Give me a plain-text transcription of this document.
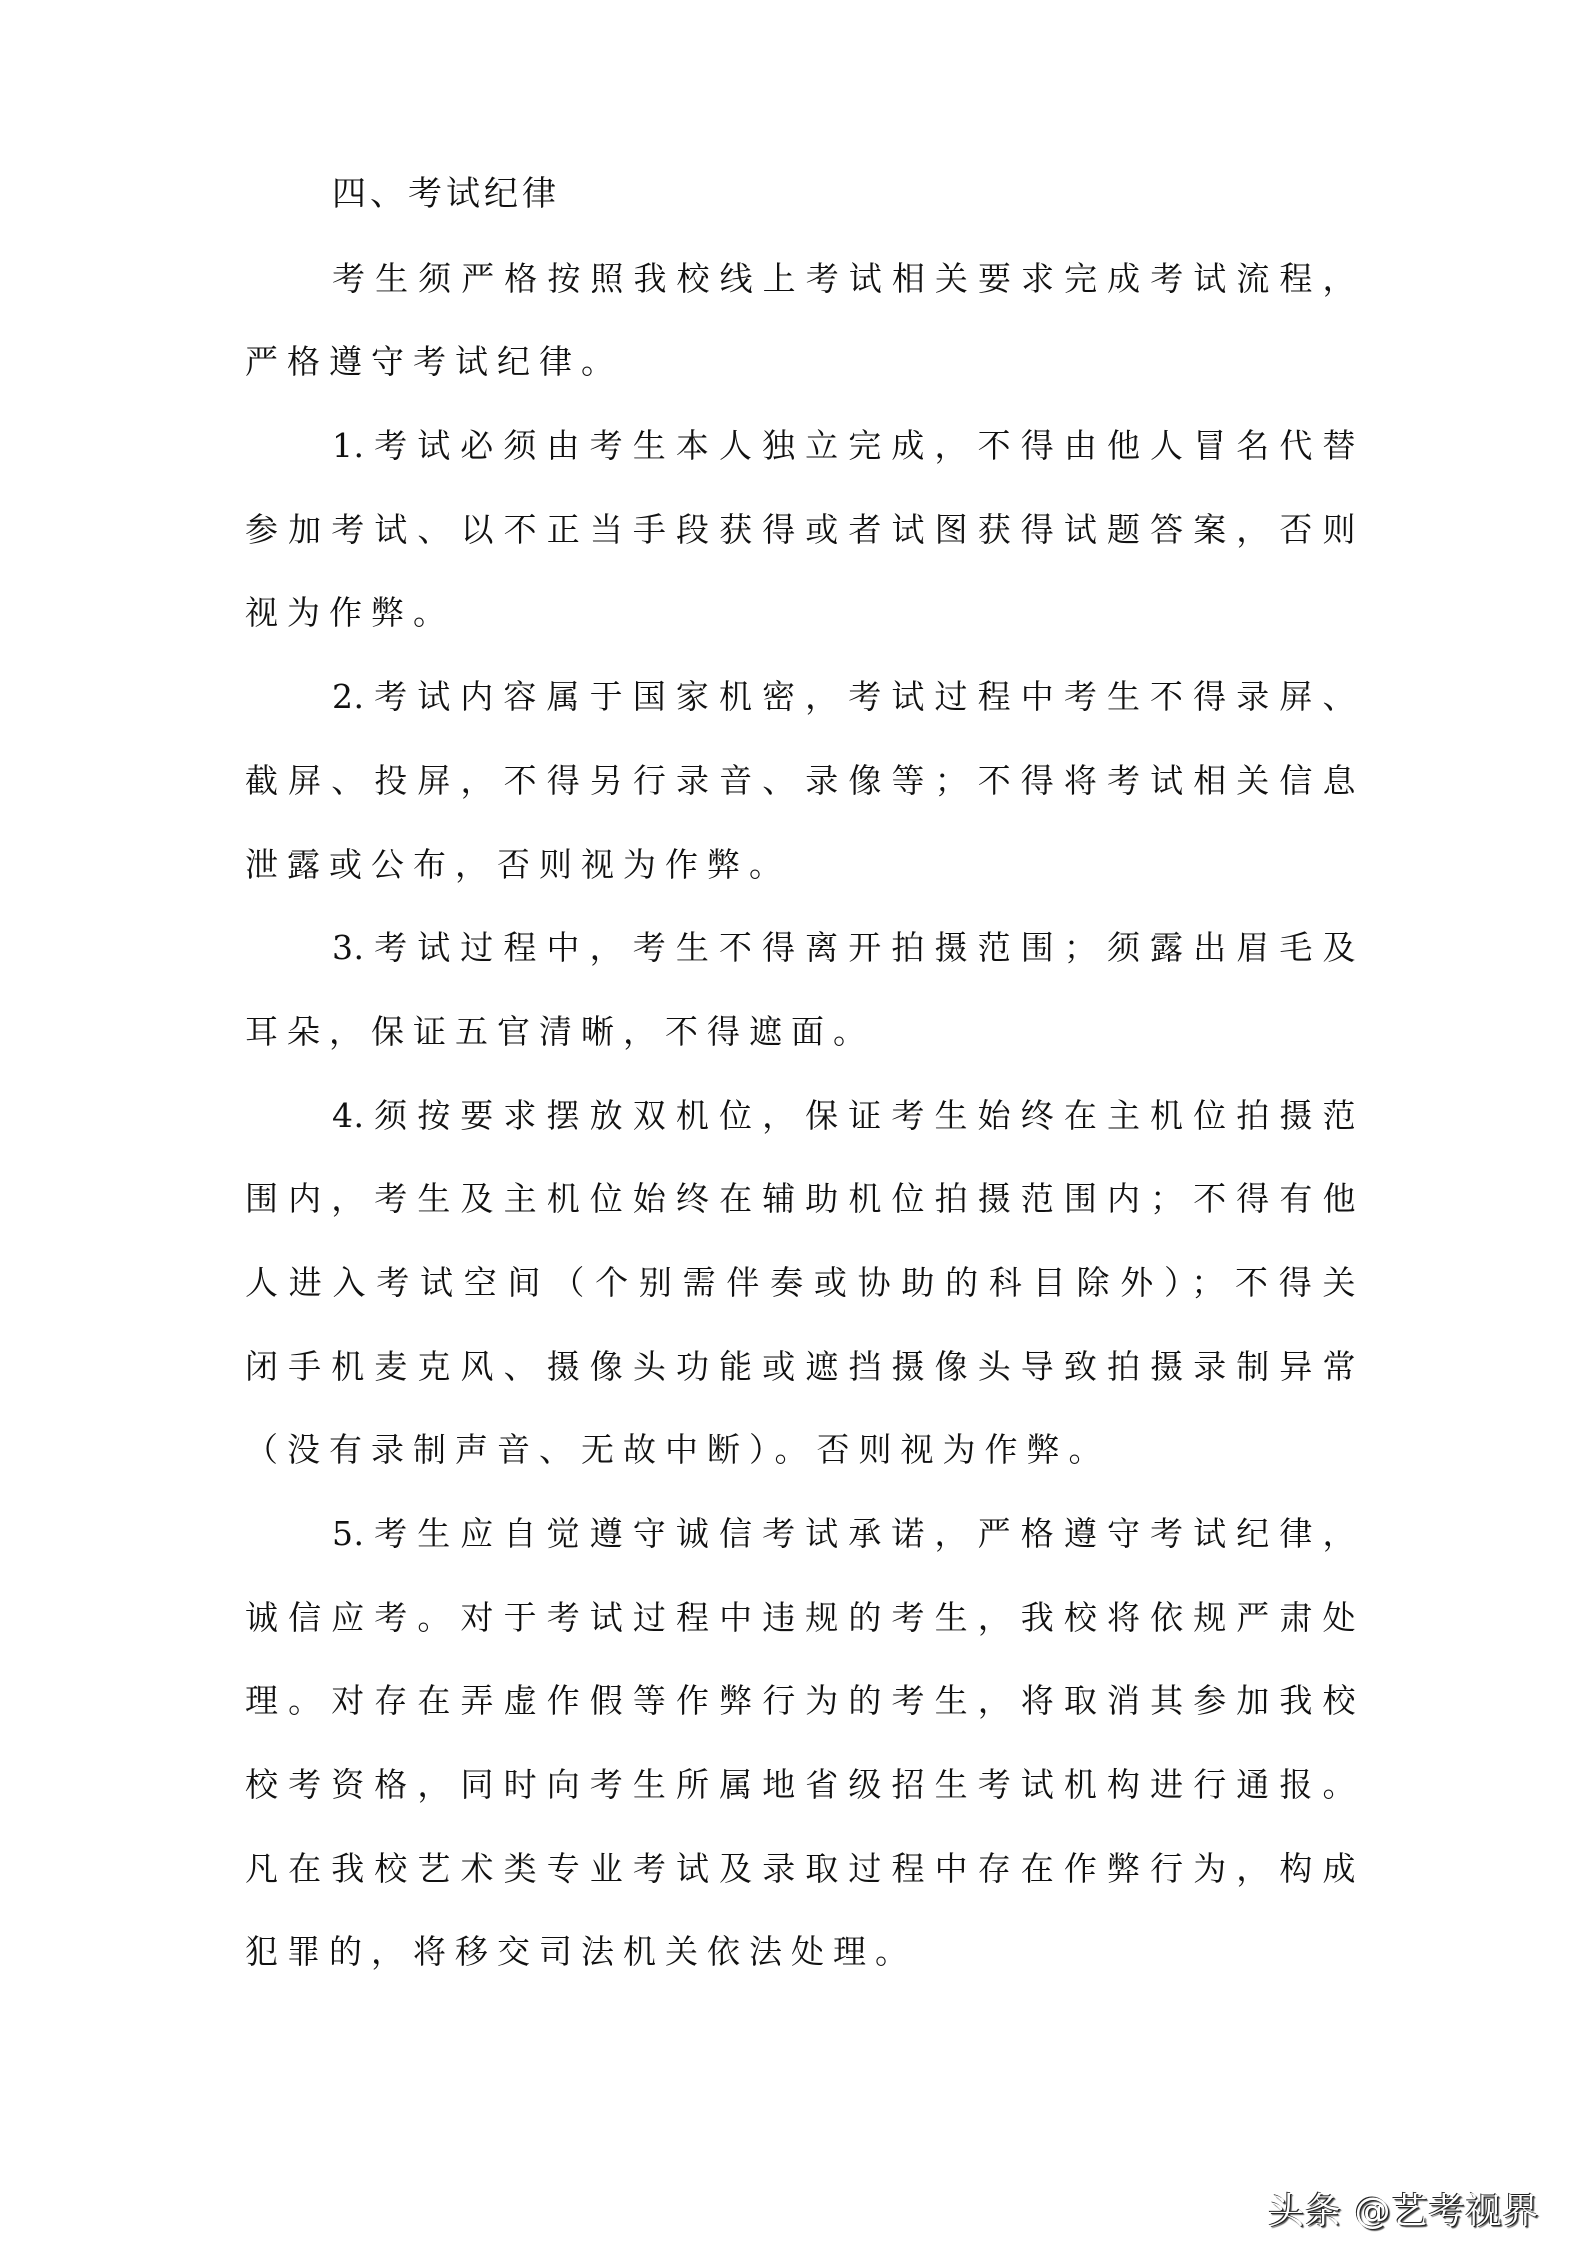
四、考试纪律
考生须严格按照我校线上考试相关要求完成考试流程，
严格遵守考试纪律。
1.考试必须由考生本人独立完成，不得由他人冒名代替
参加考试、以不正当手段获得或者试图获得试题答案，否则
视为作弊。
2.考试内容属于国家机密，考试过程中考生不得录屏、
截屏、投屏，不得另行录音、录像等；不得将考试相关信息
泄露或公布，否则视为作弊。
3.考试过程中，考生不得离开拍摄范围；须露出眉毛及
耳朵，保证五官清晰，不得遮面。
4.须按要求摆放双机位，保证考生始终在主机位拍摄范
围内，考生及主机位始终在辅助机位拍摄范围内；不得有他
人进入考试空间（个别需伴奏或协助的科目除外）；不得关
闭手机麦克风、摄像头功能或遮挡摄像头导致拍摄录制异常
（没有录制声音、无故中断）。否则视为作弊。
5.考生应自觉遵守诚信考试承诺，严格遵守考试纪律，
诚信应考。对于考试过程中违规的考生，我校将依规严肃处
理。对存在弄虚作假等作弊行为的考生，将取消其参加我校
校考资格，同时向考生所属地省级招生考试机构进行通报。
凡在我校艺术类专业考试及录取过程中存在作弊行为，构成
犯罪的，将移交司法机关依法处理。
头条 @艺考视界
